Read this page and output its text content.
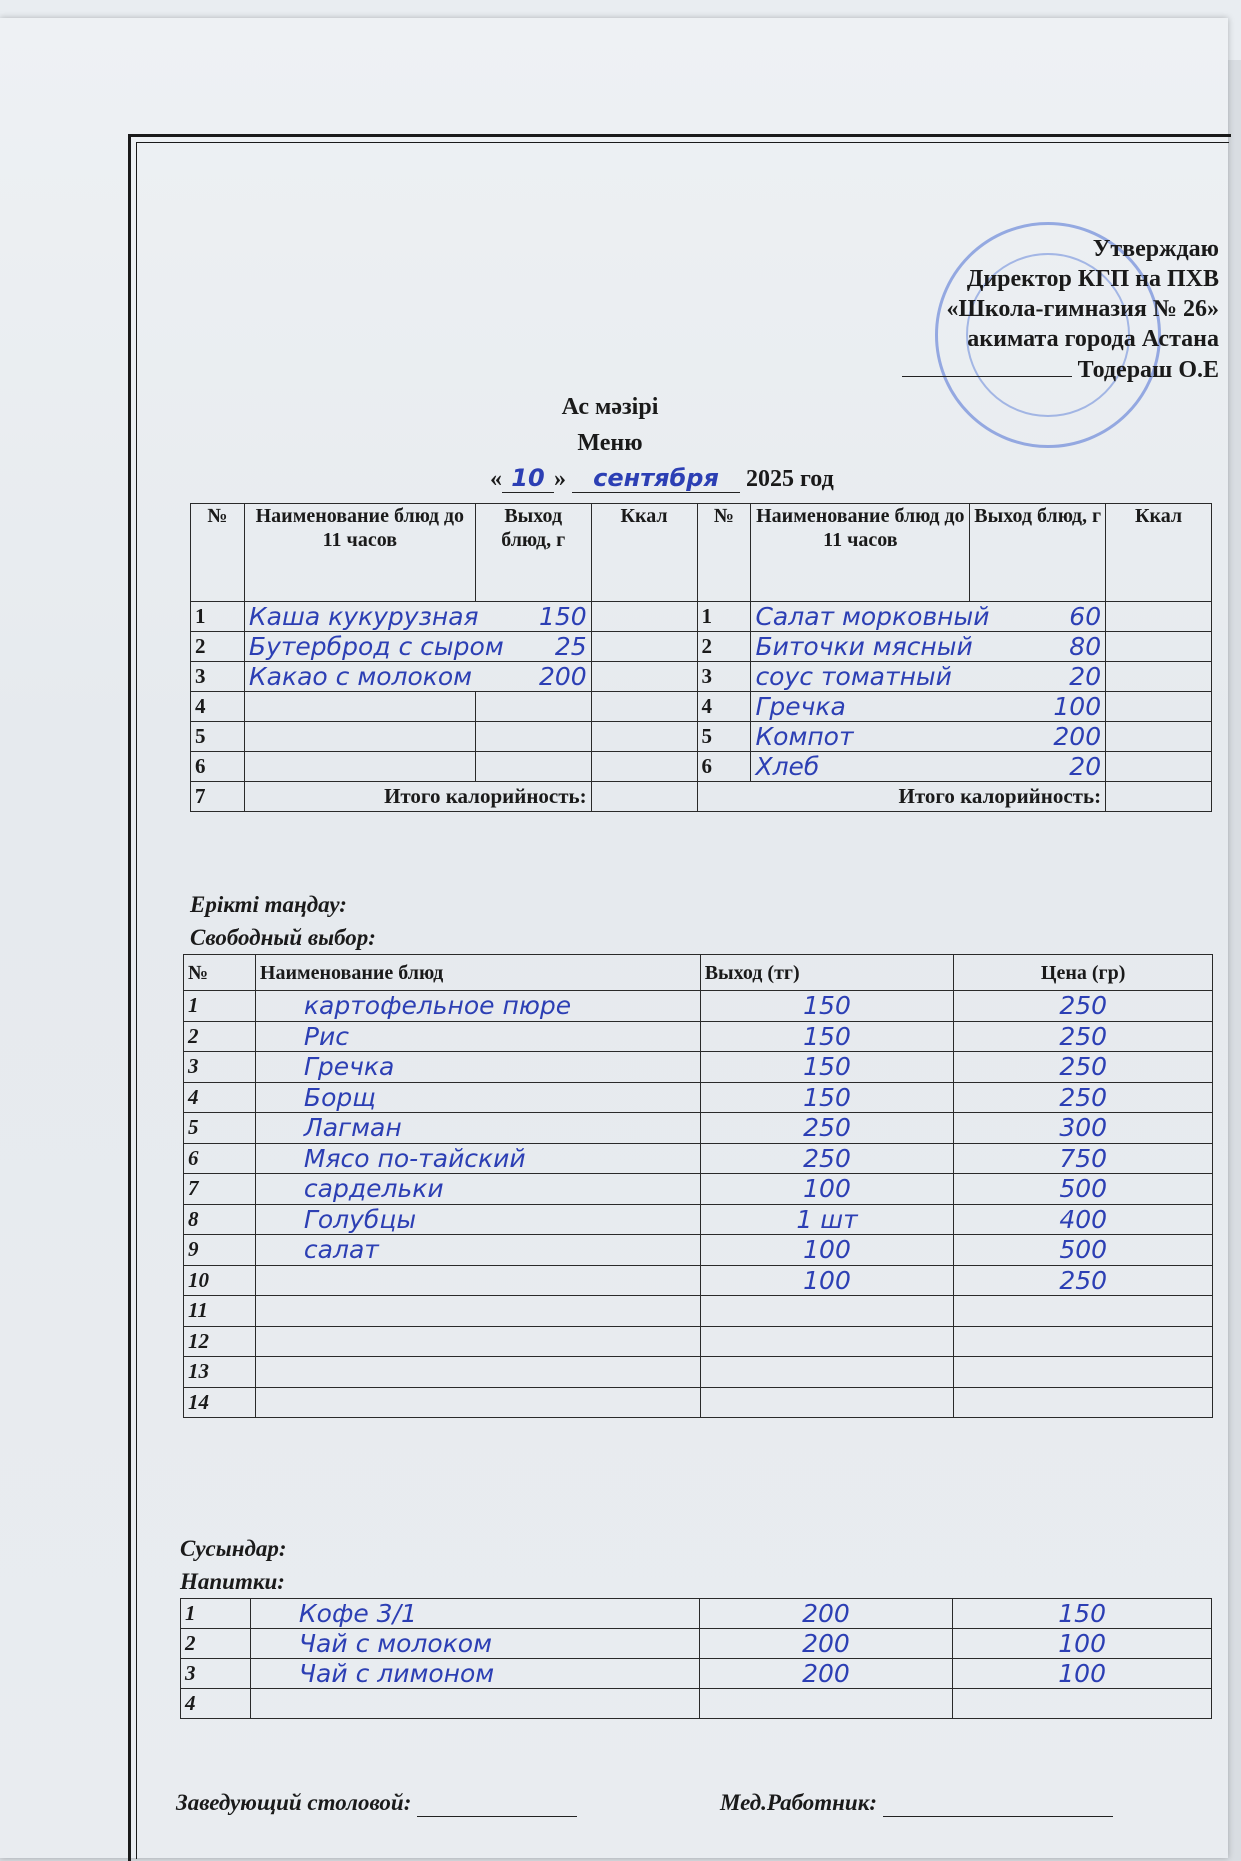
Утверждаю
Директор КГП на ПХВ
«Школа-гимназия № 26»
акимата города Астана
Тодераш О.Е
Ас мәзірі
Меню
« 10 » сентября 2025 год
№	Наименование блюд до 11 часов	Выход блюд, г	Ккал	№	Наименование блюд до 11 часов	Выход блюд, г	Ккал
1	Каша кукурузная 150			1	Салат морковный 60		

2	Бутерброд с сыром 25			2	Биточки мясный 80		

3	Какао с молоком 200			3	соус томатный 20		

4				4	Гречка 100		

5				5	Компот 200		

6				6	Хлеб 20		

7	Итого калорийность:			Итого калорийность:			
Ерікті таңдау:
Свободный выбор:
№	Наименование блюд	Выход (тг)	Цена (гр)
1	картофельное пюре	150	250
2	Рис	150	250
3	Гречка	150	250
4	Борщ	150	250
5	Лагман	250	300
6	Мясо по-тайский	250	750
7	сардельки	100	500
8	Голубцы	1 шт	400
9	салат	100	500
10		100	250
11			
12			
13			
14			
Сусындар:
Напитки:
1	Кофе 3/1	200	150
2	Чай с молоком	200	100
3	Чай с лимоном	200	100
4			
Заведующий столовой:	Мед.Работник:
